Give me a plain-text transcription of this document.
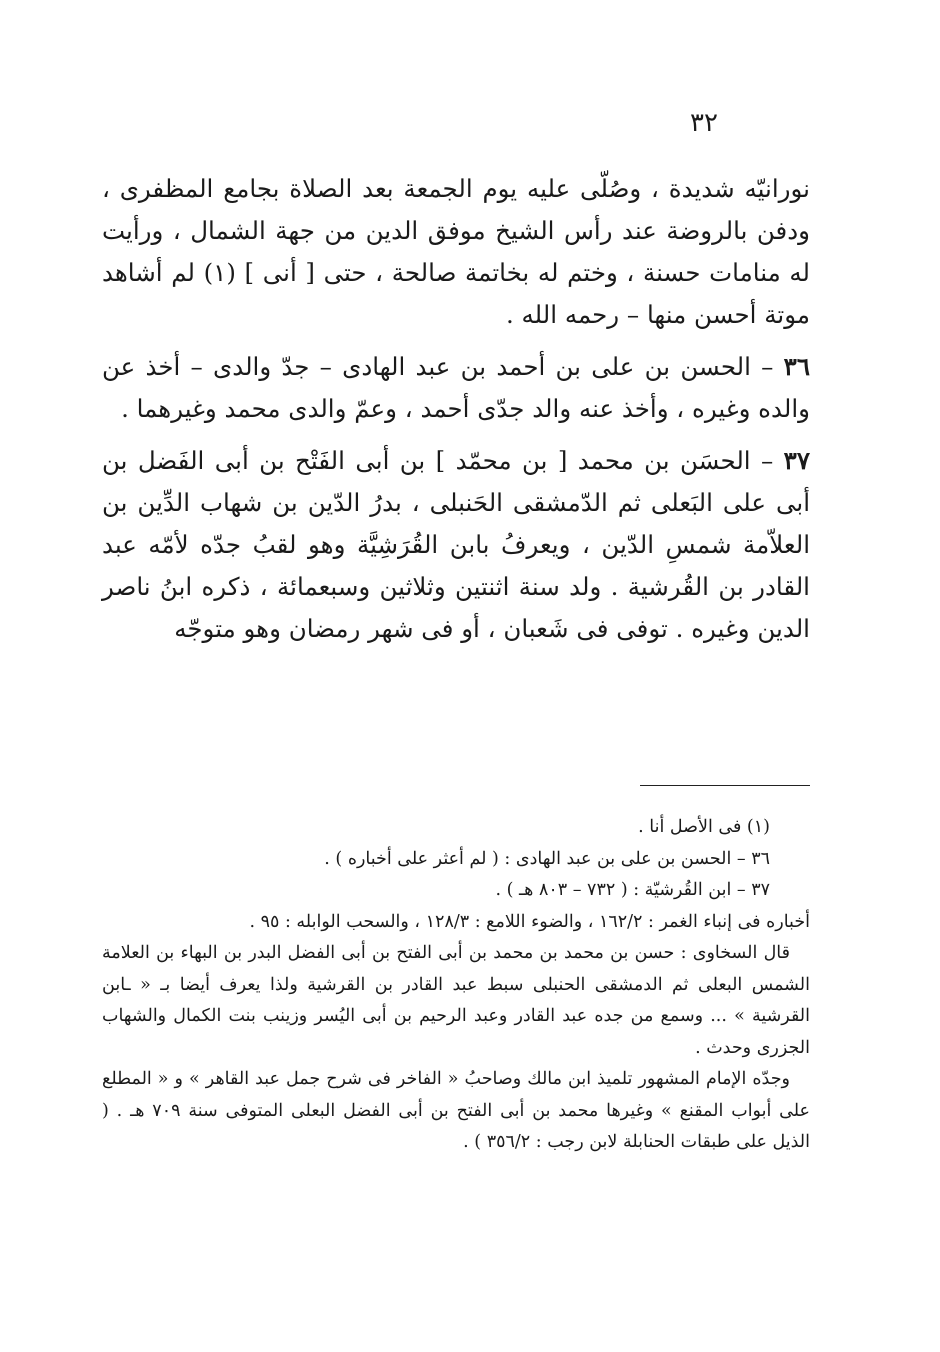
٣٢

نورانيّه شديدة ، وصُلّى عليه يوم الجمعة بعد الصلاة بجامع المظفرى ، ودفن بالروضة عند رأس الشيخ موفق الدين من جهة الشمال ، ورأيت له منامات حسنة ، وختم له بخاتمة صالحة ، حتى [ أنى ] (١) لم أشاهد موتة أحسن منها – رحمه الله .

٣٦ – الحسن بن على بن أحمد بن عبد الهادى – جدّ والدى – أخذ عن والده وغيره ، وأخذ عنه والد جدّى أحمد ، وعمّ والدى محمد وغيرهما .

٣٧ – الحسَن بن محمد [ بن محمّد ] بن أبى الفَتْح بن أبى الفَضل بن أبى على البَعلى ثم الدّمشقى الحَنبلى ، بدرُ الدّين بن شهاب الدِّين بن العلاّمة شمسِ الدّين ، ويعرفُ بابن القُرَشِيَّة وهو لقبُ جدّه لأمّه عبد القادر بن القُرشية . ولد سنة اثنتين وثلاثين وسبعمائة ، ذكره ابنُ ناصر الدين وغيره . توفى فى شَعبان ، أو فى شهر رمضان وهو متوجّه

(١) فى الأصل أنا .

٣٦ – الحسن بن على بن عبد الهادى : ( لم أعثر على أخباره ) .

٣٧ – ابن القُرشيّة : ( ٧٣٢ – ٨٠٣ هـ ) .

أخباره فى إنباء الغمر : ١٦٢/٢ ، والضوء اللامع : ١٢٨/٣ ، والسحب الوابله : ٩٥ .

قال السخاوى : حسن بن محمد بن محمد بن أبى الفتح بن أبى الفضل البدر بن البهاء بن العلامة الشمس البعلى ثم الدمشقى الحنبلى سبط عبد القادر بن القرشية ولذا يعرف أيضا بـ « ـابن القرشية » ... وسمع من جده عبد القادر وعبد الرحيم بن أبى اليُسر وزينب بنت الكمال والشهاب الجزرى وحدث .

وجدّه الإمام المشهور تلميذ ابن مالك وصاحبُ « الفاخر فى شرح جمل عبد القاهر » و « المطلع على أبواب المقنع » وغيرها محمد بن أبى الفتح بن أبى الفضل البعلى المتوفى سنة ٧٠٩ هـ . ( الذيل على طبقات الحنابلة لابن رجب : ٣٥٦/٢ ) .
